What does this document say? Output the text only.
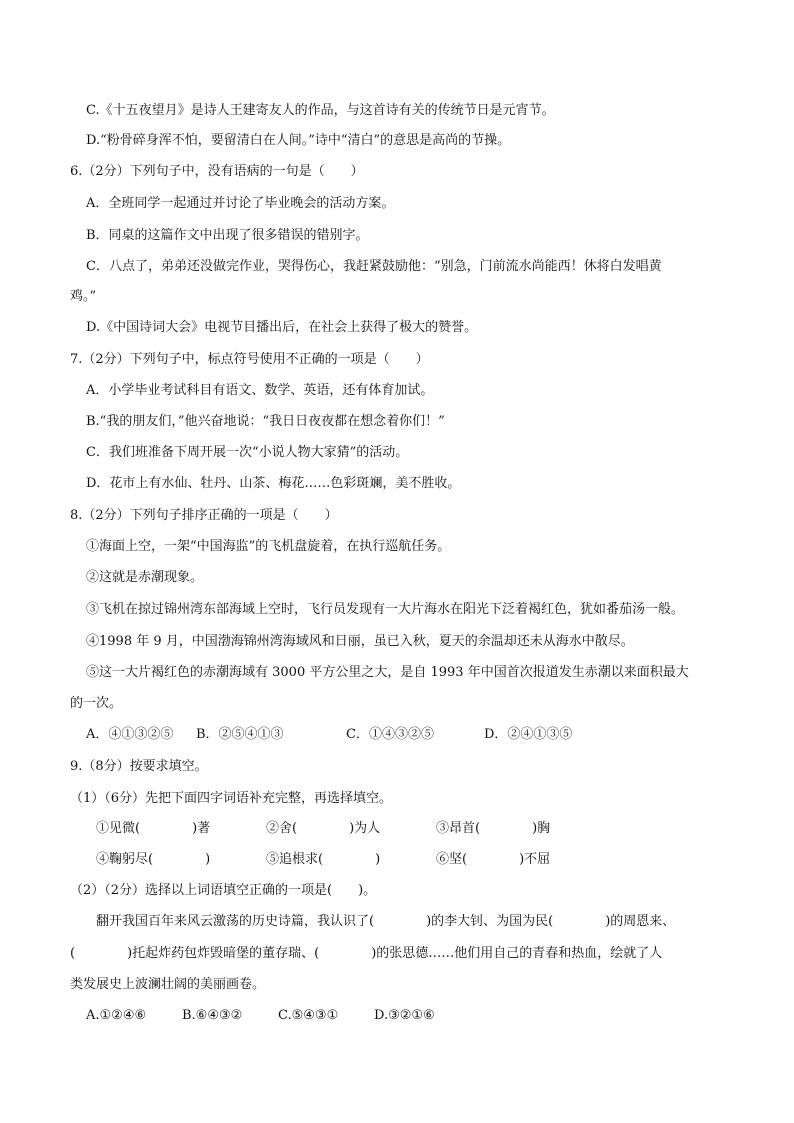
C.《十五夜望月》是诗人王建寄友人的作品，与这首诗有关的传统节日是元宵节。
D.“粉骨碎身浑不怕，要留清白在人间。”诗中“清白”的意思是高尚的节操。
6.（2分）下列句子中，没有语病的一句是（　　）
A．全班同学一起通过并讨论了毕业晚会的活动方案。
B．同桌的这篇作文中出现了很多错误的错别字。
C．八点了，弟弟还没做完作业，哭得伤心，我赶紧鼓励他：“别急，门前流水尚能西！休将白发唱黄
鸡。”
D.《中国诗词大会》电视节目播出后，在社会上获得了极大的赞誉。
7.（2分）下列句子中，标点符号使用不正确的一项是（　　）
A．小学毕业考试科目有语文、数学、英语，还有体育加试。
B.“我的朋友们，”他兴奋地说：“我日日夜夜都在想念着你们！”
C．我们班准备下周开展一次“小说人物大家猜”的活动。
D．花市上有水仙、牡丹、山茶、梅花……色彩斑斓，美不胜收。
8.（2分）下列句子排序正确的一项是（　　）
①海面上空，一架“中国海监”的飞机盘旋着，在执行巡航任务。
②这就是赤潮现象。
③飞机在掠过锦州湾东部海域上空时，飞行员发现有一大片海水在阳光下泛着褐红色，犹如番茄汤一般。
④1998 年 9 月，中国渤海锦州湾海域风和日丽，虽已入秋，夏天的余温却还未从海水中散尽。
⑤这一大片褐红色的赤潮海域有 3000 平方公里之大，是自 1993 年中国首次报道发生赤潮以来面积最大
的一次。
A．④①③②⑤ B．②⑤④①③	C．①④③②⑤	D．②④①③⑤
9.（8分）按要求填空。
（1）（6分）先把下面四字词语补充完整，再选择填空。
①见微(　　　　)著	②舍(　　　　)为人	③昂首(　　　　)胸
④鞠躬尽(　　　　)	⑤追根求(　　　　)	⑥坚(　　　　)不屈
（2）（2分）选择以上词语填空正确的一项是(　　)。
翻开我国百年来风云激荡的历史诗篇，我认识了(　　　　)的李大钊、为国为民(　　　　)的周恩来、
(　　　　)托起炸药包炸毁暗堡的董存瑞、(　　　　)的张思德……他们用自己的青春和热血，绘就了人
类发展史上波澜壮阔的美丽画卷。
A.①②④⑥	B.⑥④③②	C.⑤④③①	D.③②①⑥
